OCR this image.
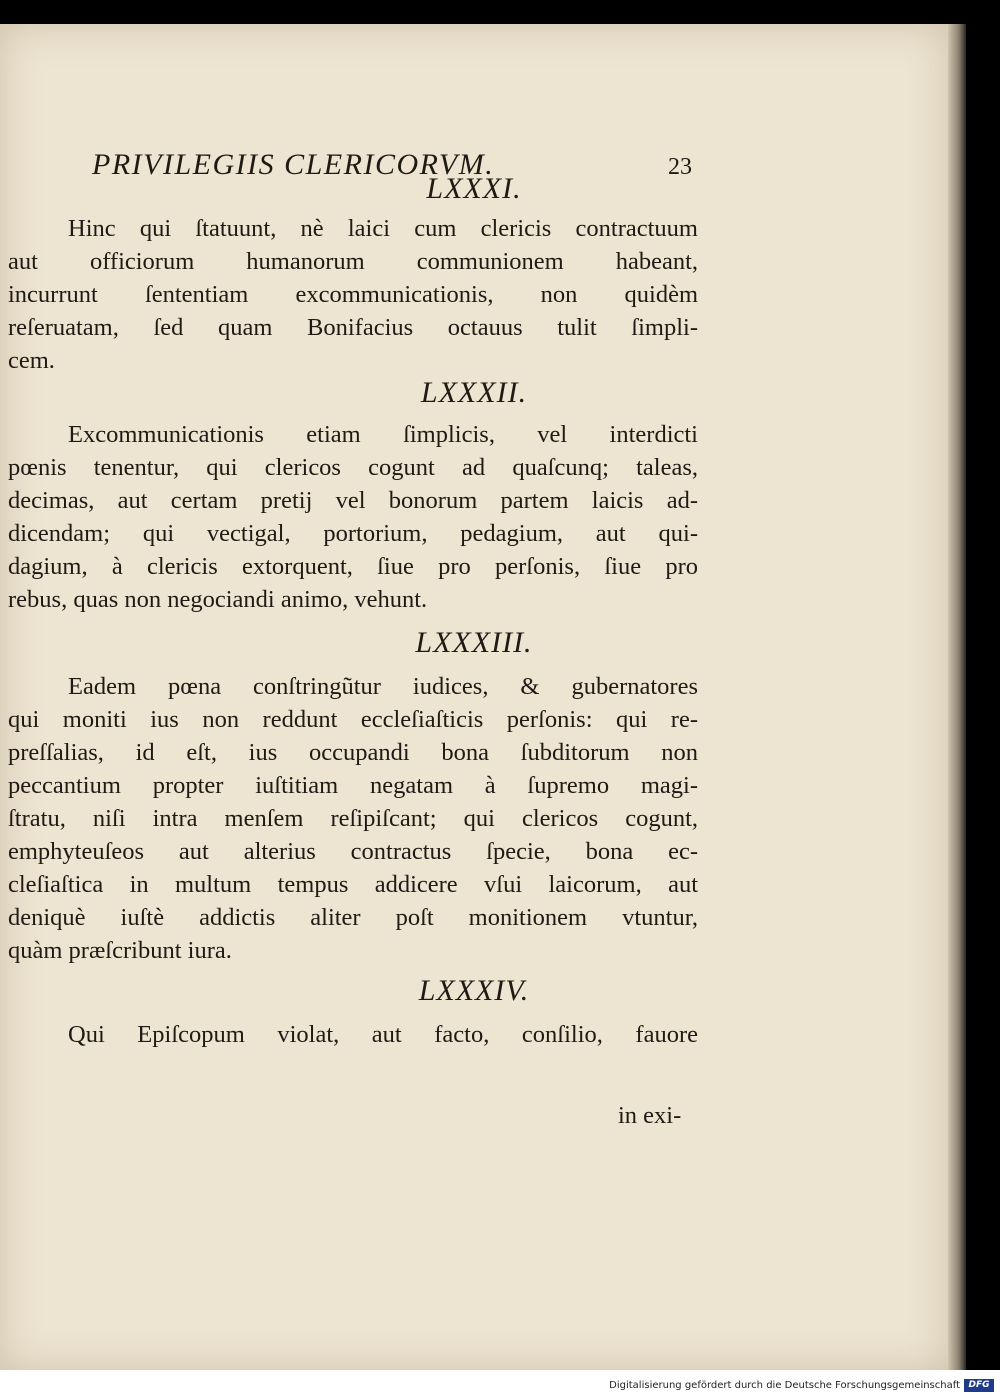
PRIVILEGIIS CLERICORVM.	23
LXXXI.
Hinc qui ſtatuunt, nè laici cum clericis contractuum
aut officiorum humanorum communionem habeant,
incurrunt ſententiam excommunicationis, non quidèm
reſeruatam, ſed quam Bonifacius octauus tulit ſimpli-
cem.
LXXXII.
Excommunicationis etiam ſimplicis, vel interdicti
pœnis tenentur, qui clericos cogunt ad quaſcunq; taleas,
decimas, aut certam pretij vel bonorum partem laicis ad-
dicendam; qui vectigal, portorium, pedagium, aut qui-
dagium, à clericis extorquent, ſiue pro perſonis, ſiue pro
rebus, quas non negociandi animo, vehunt.
LXXXIII.
Eadem pœna conſtringũtur iudices, & gubernatores
qui moniti ius non reddunt eccleſiaſticis perſonis: qui re-
preſſalias, id eſt, ius occupandi bona ſubditorum non
peccantium propter iuſtitiam negatam à ſupremo magi-
ſtratu, niſi intra menſem reſipiſcant; qui clericos cogunt,
emphyteuſeos aut alterius contractus ſpecie, bona ec-
cleſiaſtica in multum tempus addicere vſui laicorum, aut
deniquè iuſtè addictis aliter poſt monitionem vtuntur,
quàm præſcribunt iura.
LXXXIV.
Qui Epiſcopum violat, aut facto, conſilio, fauore
in exi-
Digitalisierung gefördert durch die Deutsche Forschungsgemeinschaft DFG
